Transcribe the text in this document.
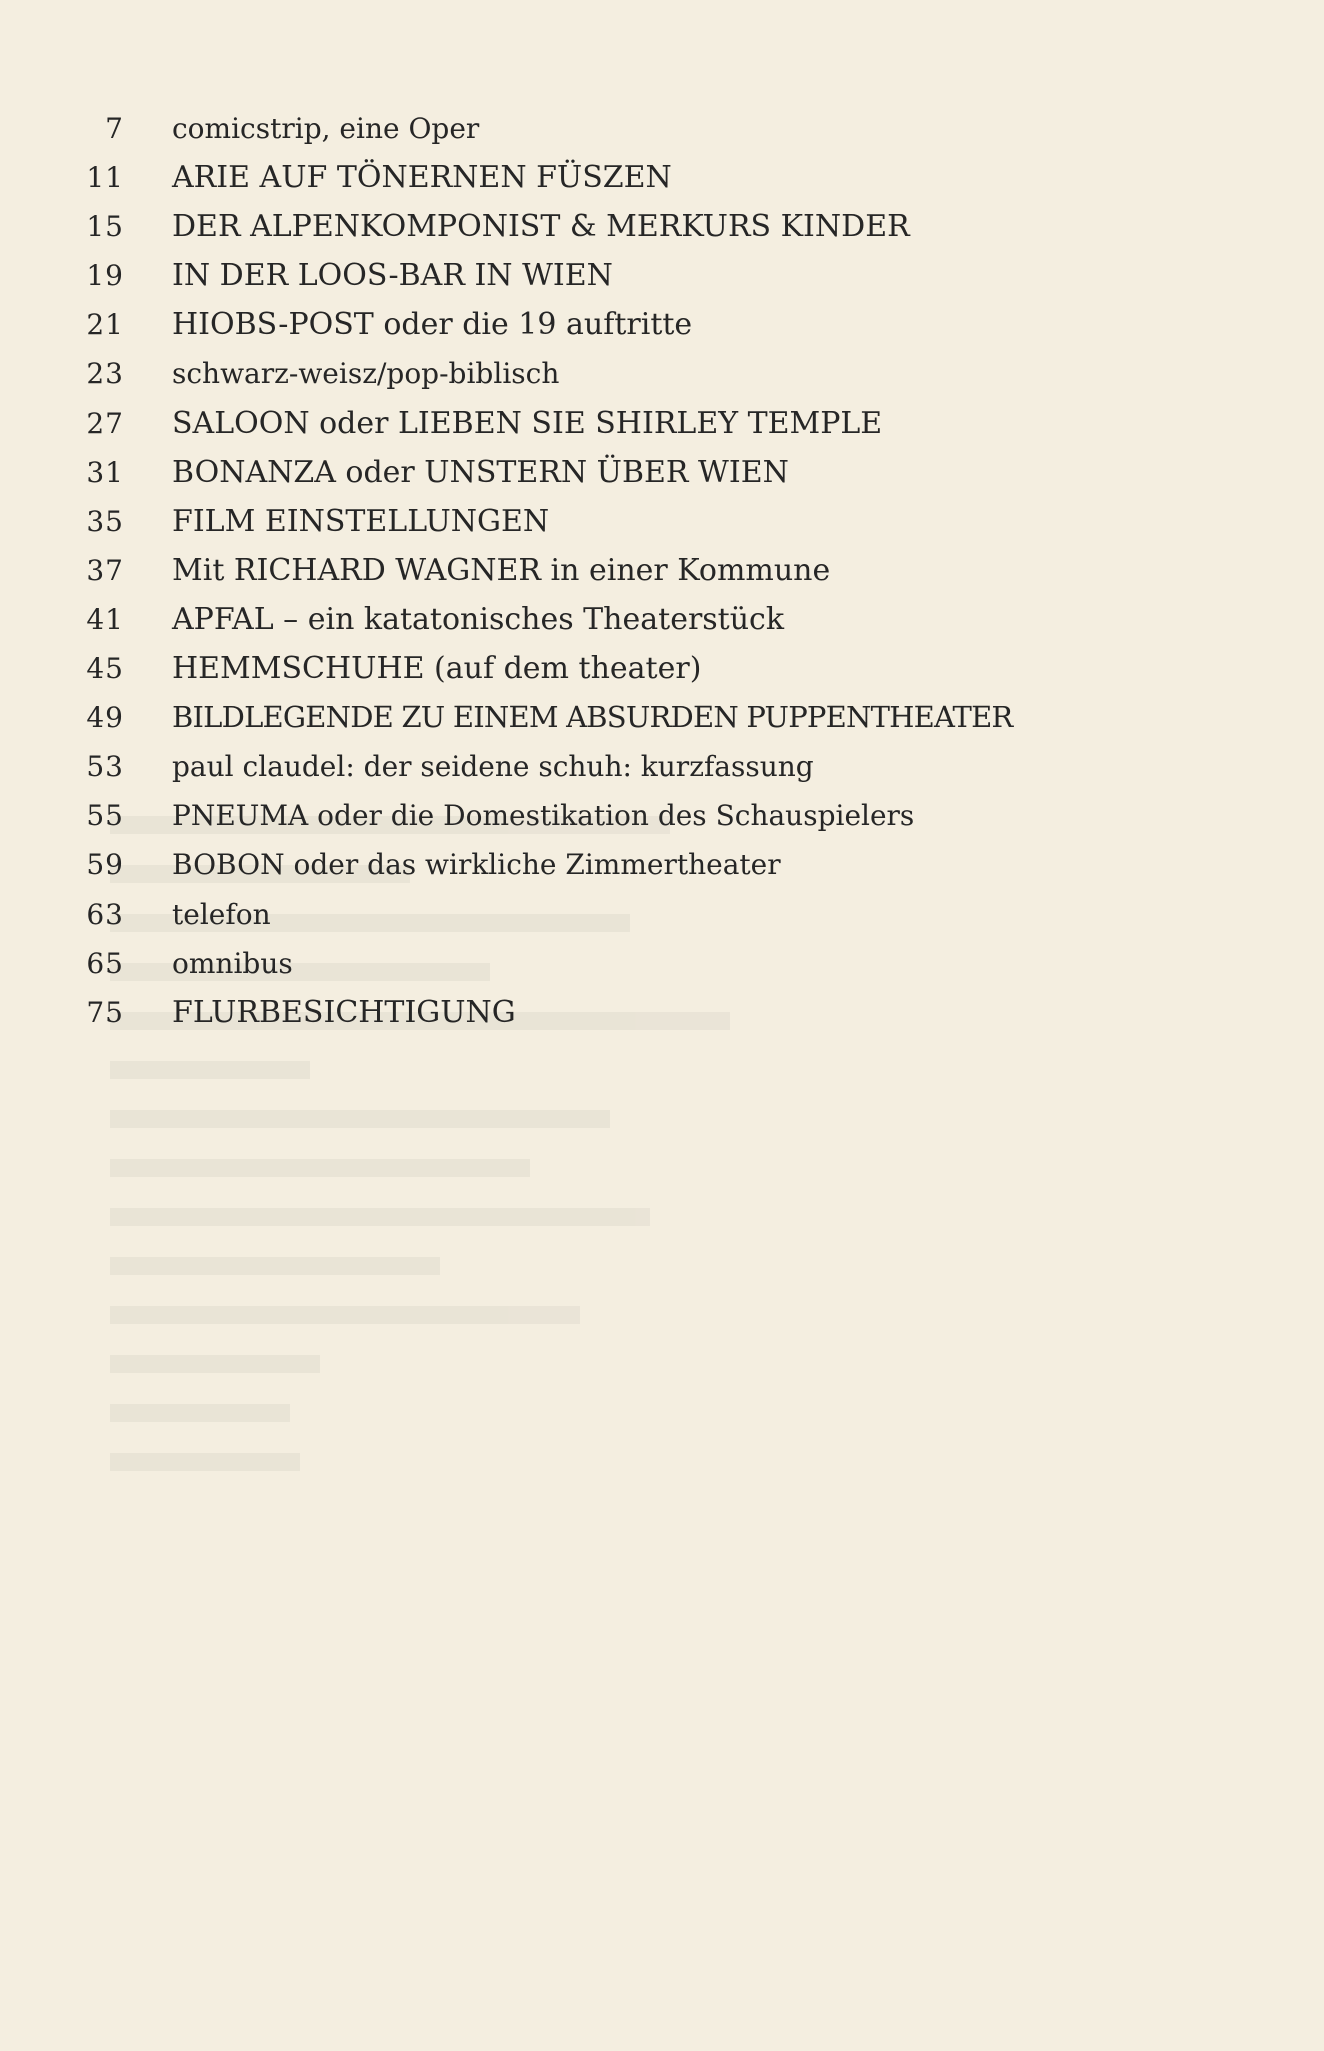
7 comicstrip, eine Oper
11 ARIE AUF TÖNERNEN FÜSZEN
15 DER ALPENKOMPONIST & MERKURS KINDER
19 IN DER LOOS-BAR IN WIEN
21 HIOBS-POST oder die 19 auftritte
23 schwarz-weisz/pop-biblisch
27 SALOON oder LIEBEN SIE SHIRLEY TEMPLE
31 BONANZA oder UNSTERN ÜBER WIEN
35 FILM EINSTELLUNGEN
37 Mit RICHARD WAGNER in einer Kommune
41 APFAL – ein katatonisches Theaterstück
45 HEMMSCHUHE (auf dem theater)
49 BILDLEGENDE ZU EINEM ABSURDEN PUPPENTHEATER
53 paul claudel: der seidene schuh: kurzfassung
55 PNEUMA oder die Domestikation des Schauspielers
59 BOBON oder das wirkliche Zimmertheater
63 telefon
65 omnibus
75 FLURBESICHTIGUNG
